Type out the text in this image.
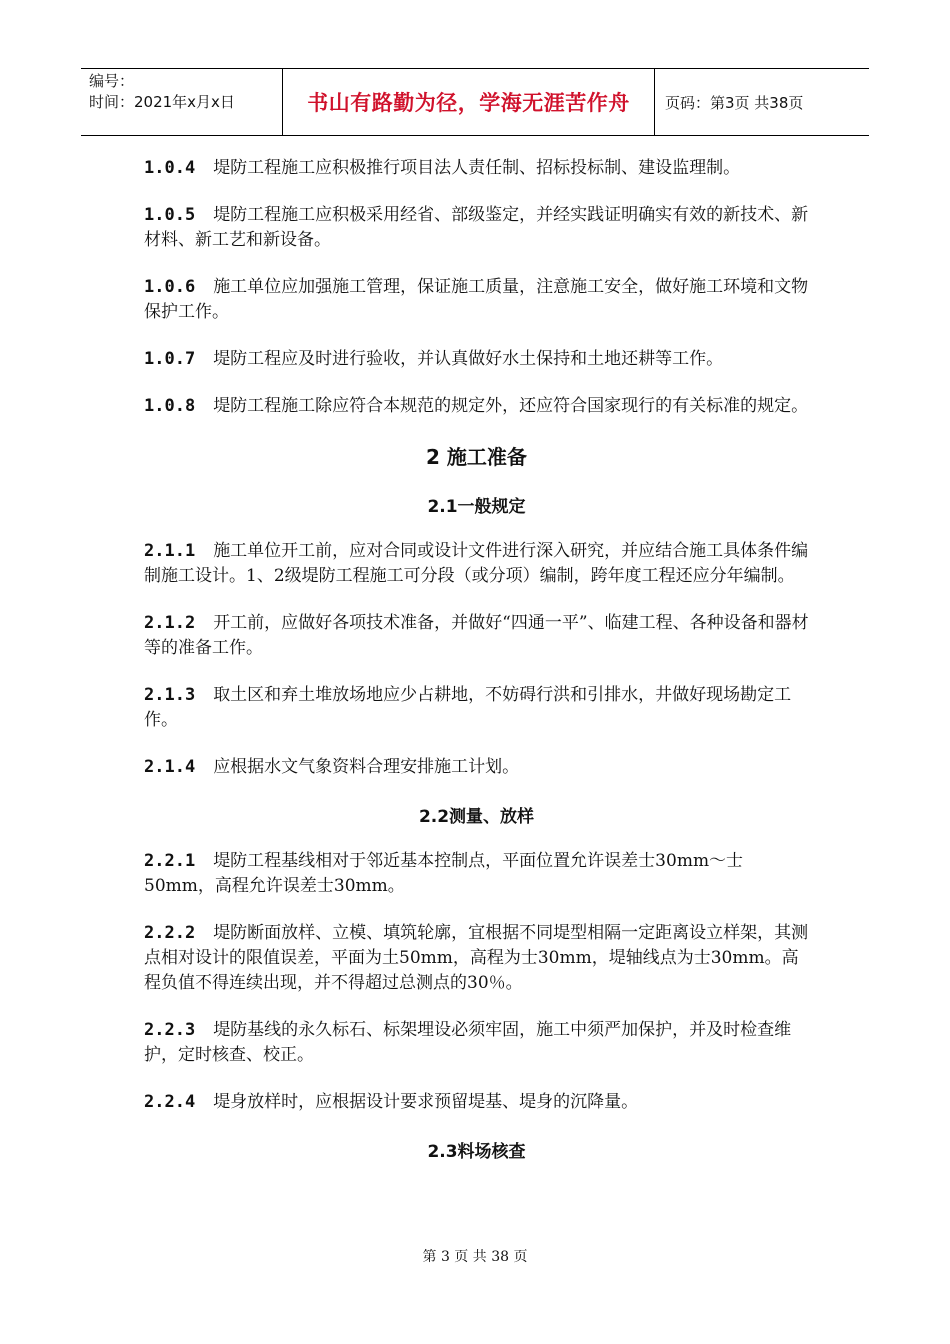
编号：
时间：2021年x月x日	书山有路勤为径，学海无涯苦作舟 页码：第3页 共38页

1.0.4 堤防工程施工应积极推行项目法人责任制、招标投标制、建设监理制。

1.0.5 堤防工程施工应积极采用经省、部级鉴定，并经实践证明确实有效的新技术、新材料、新工艺和新设备。

1.0.6 施工单位应加强施工管理，保证施工质量，注意施工安全，做好施工环境和文物保护工作。

1.0.7 堤防工程应及时进行验收，并认真做好水土保持和土地还耕等工作。

1.0.8 堤防工程施工除应符合本规范的规定外，还应符合国家现行的有关标准的规定。

2 施工准备
2.1一般规定

2.1.1 施工单位开工前，应对合同或设计文件进行深入研究，并应结合施工具体条件编制施工设计。1、2级堤防工程施工可分段（或分项）编制，跨年度工程还应分年编制。

2.1.2 开工前，应做好各项技术准备，并做好“四通一平”、临建工程、各种设备和器材等的准备工作。

2.1.3 取土区和弃土堆放场地应少占耕地，不妨碍行洪和引排水，井做好现场勘定工作。

2.1.4 应根据水文气象资料合理安排施工计划。

2.2测量、放样

2.2.1 堤防工程基线相对于邻近基本控制点，平面位置允许误差士30mm～士50mm，高程允许误差士30mm。

2.2.2 堤防断面放样、立模、填筑轮廓，宜根据不同堤型相隔一定距离设立样架，其测点相对设计的限值误差，平面为土50mm，高程为士30mm，堤轴线点为士30mm。高程负值不得连续出现，并不得超过总测点的30％。

2.2.3 堤防基线的永久标石、标架埋设必须牢固，施工中须严加保护，并及时检查维护，定时核查、校正。

2.2.4 堤身放样时，应根据设计要求预留堤基、堤身的沉降量。

2.3料场核查
第 3 页 共 38 页
